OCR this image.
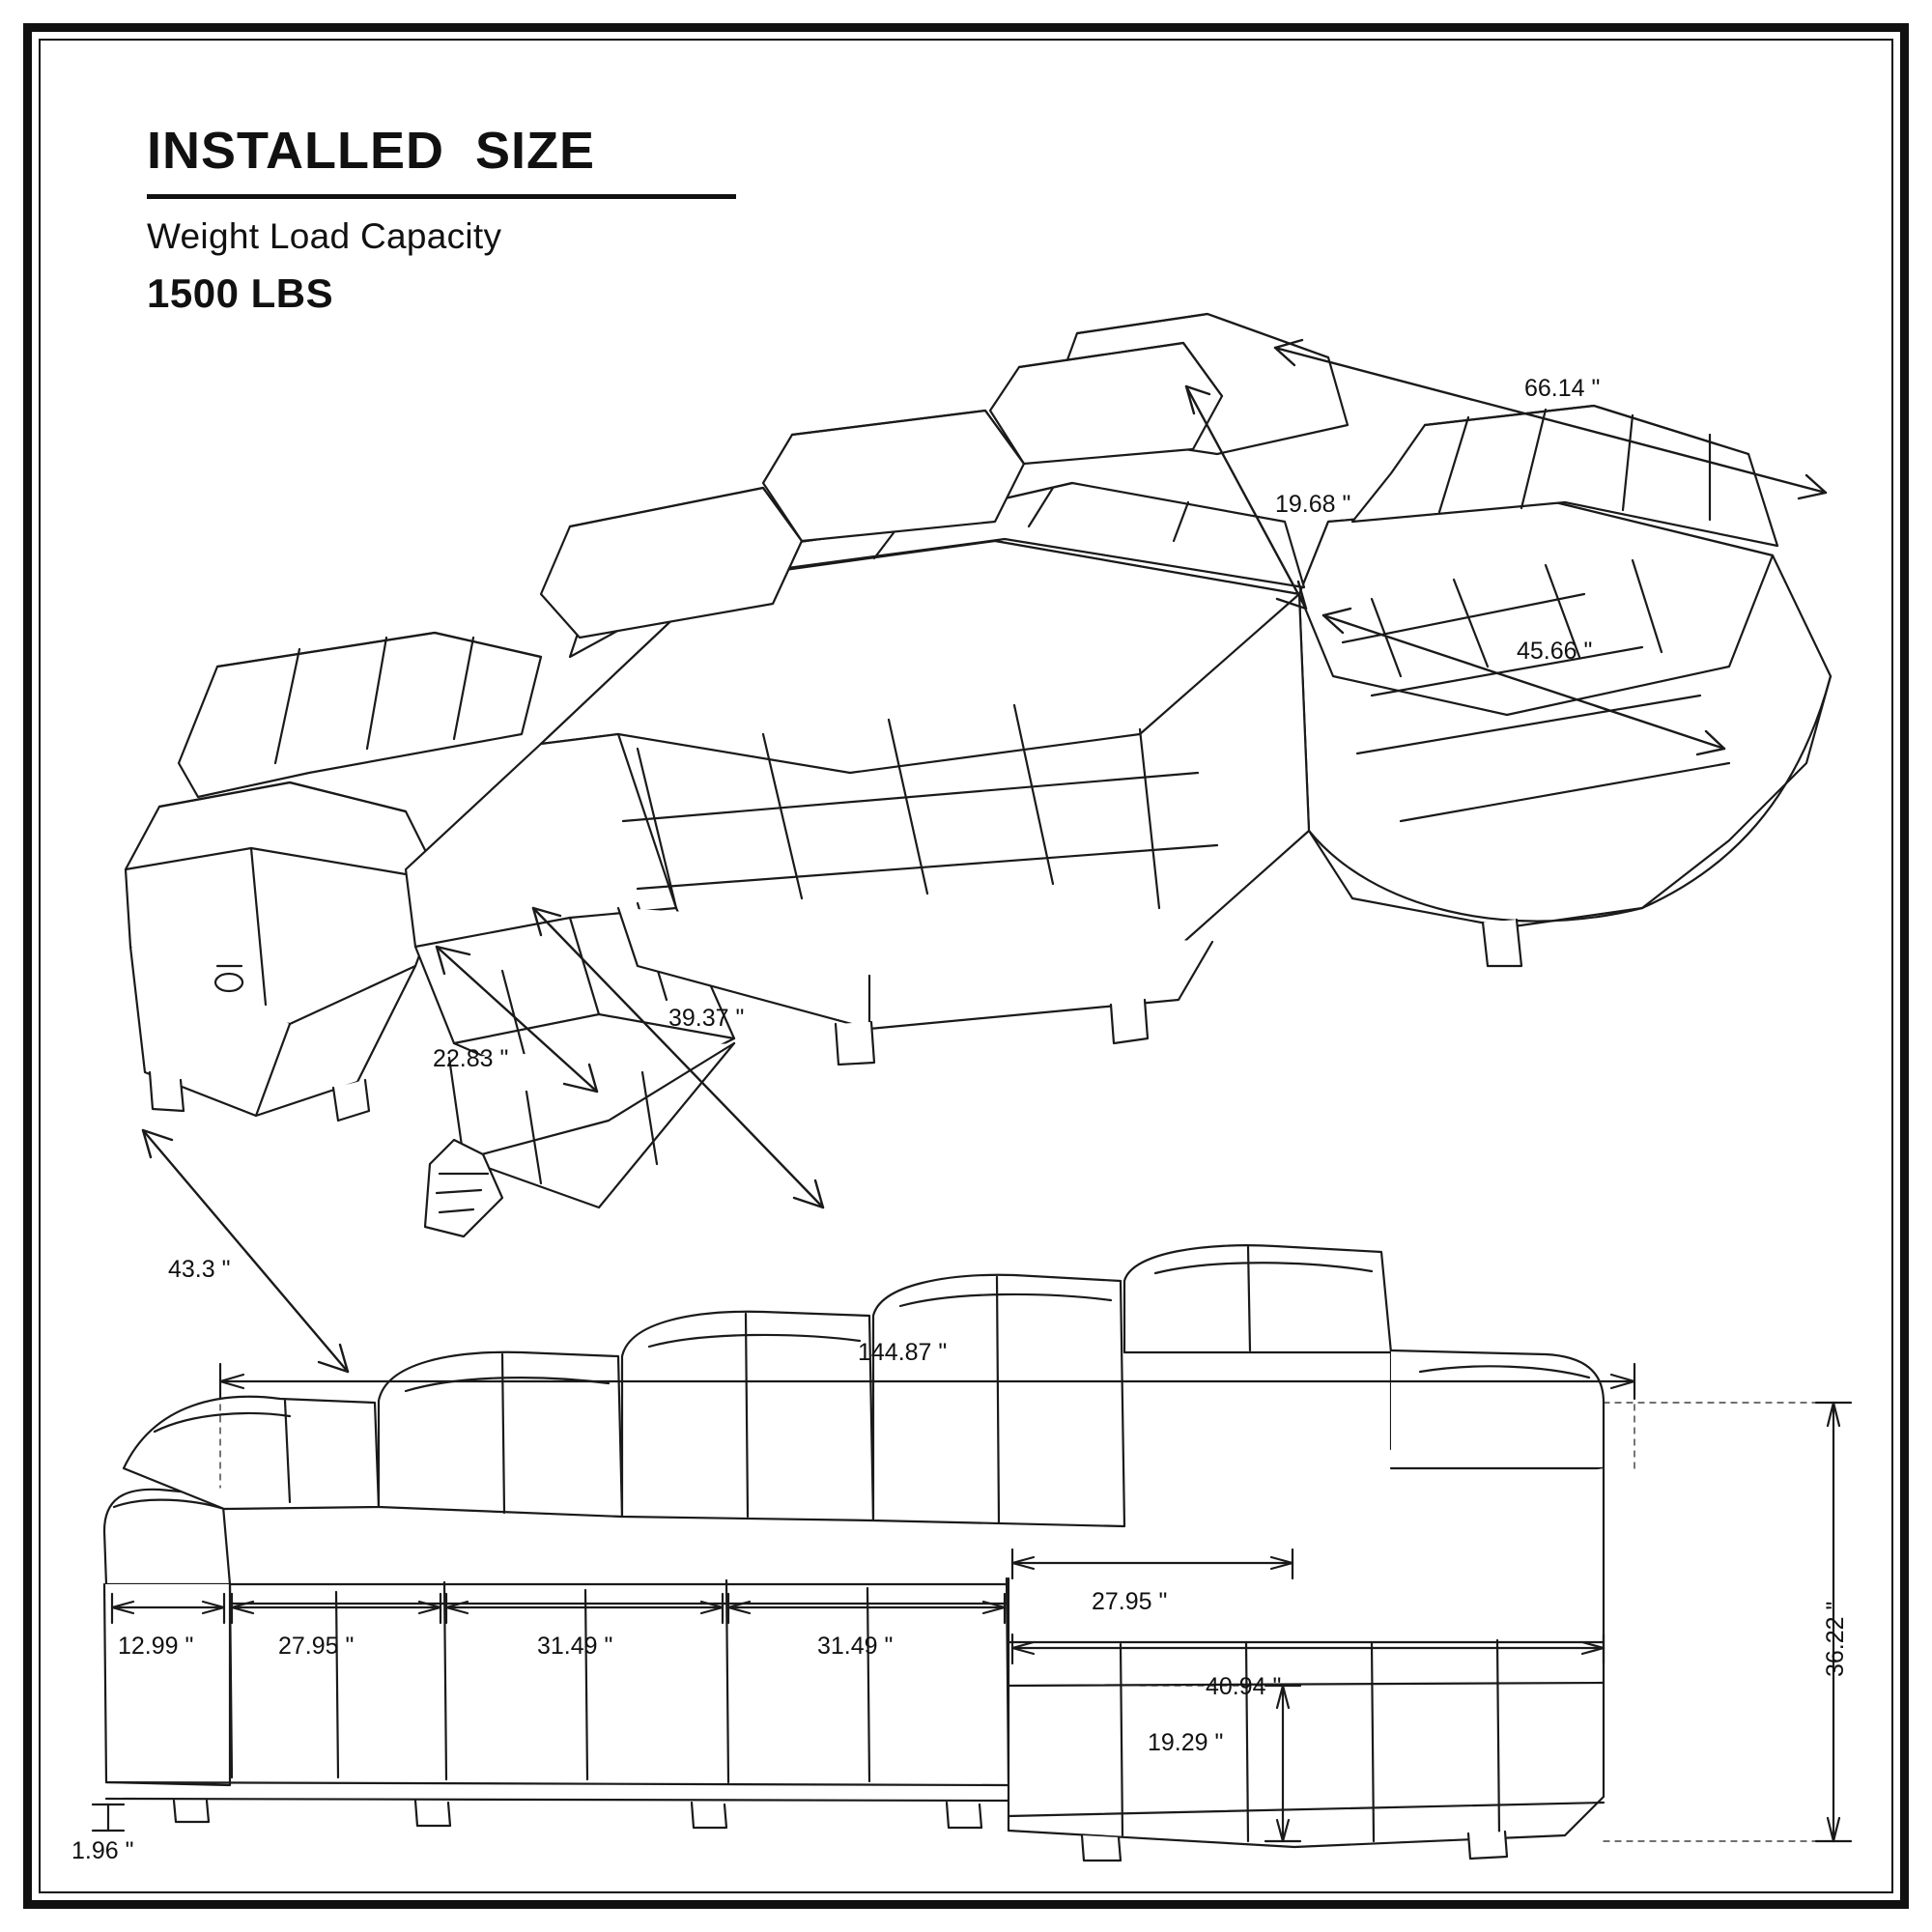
INSTALLED  SIZE
Weight Load Capacity
1500 LBS
66.14 "
19.68 "
45.66 "
39.37 "
22.83 "
43.3 "
144.87 "
12.99 "	27.95 "	31.49 "	31.49 "
27.95 "
40.94 "
36.22 "
19.29 "
1.96 "
